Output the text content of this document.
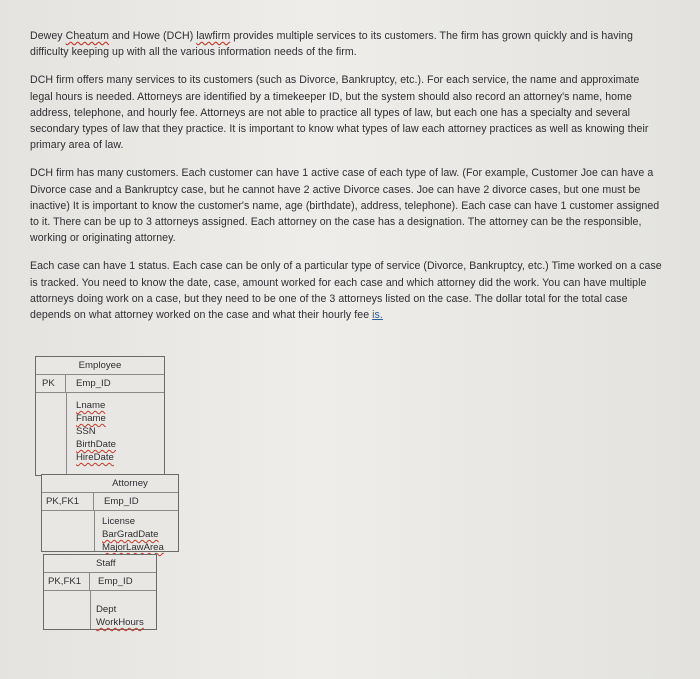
Dewey Cheatum and Howe (DCH) lawfirm provides multiple services to its customers. The firm has grown quickly and is having difficulty keeping up with all the various information needs of the firm.

DCH firm offers many services to its customers (such as Divorce, Bankruptcy, etc.). For each service, the name and approximate legal hours is needed. Attorneys are identified by a timekeeper ID, but the system should also record an attorney's name, home address, telephone, and hourly fee. Attorneys are not able to practice all types of law, but each one has a specialty and several secondary types of law that they practice. It is important to know what types of law each attorney practices as well as knowing their primary area of law.

DCH firm has many customers. Each customer can have 1 active case of each type of law. (For example, Customer Joe can have a Divorce case and a Bankruptcy case, but he cannot have 2 active Divorce cases. Joe can have 2 divorce cases, but one must be inactive) It is important to know the customer's name, age (birthdate), address, telephone). Each case can have 1 customer assigned to it. There can be up to 3 attorneys assigned. Each attorney on the case has a designation. The attorney can be the responsible, working or originating attorney.

Each case can have 1 status. Each case can be only of a particular type of service (Divorce, Bankruptcy, etc.) Time worked on a case is tracked. You need to know the date, case, amount worked for each case and which attorney did the work. You can have multiple attorneys doing work on a case, but they need to be one of the 3 attorneys listed on the case. The dollar total for the total case depends on what attorney worked on the case and what their hourly fee is.

Employee
PK	Emp_ID
Lname
Fname
SSN
BirthDate
HireDate
Attorney
PK,FK1	Emp_ID
License
BarGradDate
MajorLawArea
Staff
PK,FK1	Emp_ID
Dept
WorkHours
